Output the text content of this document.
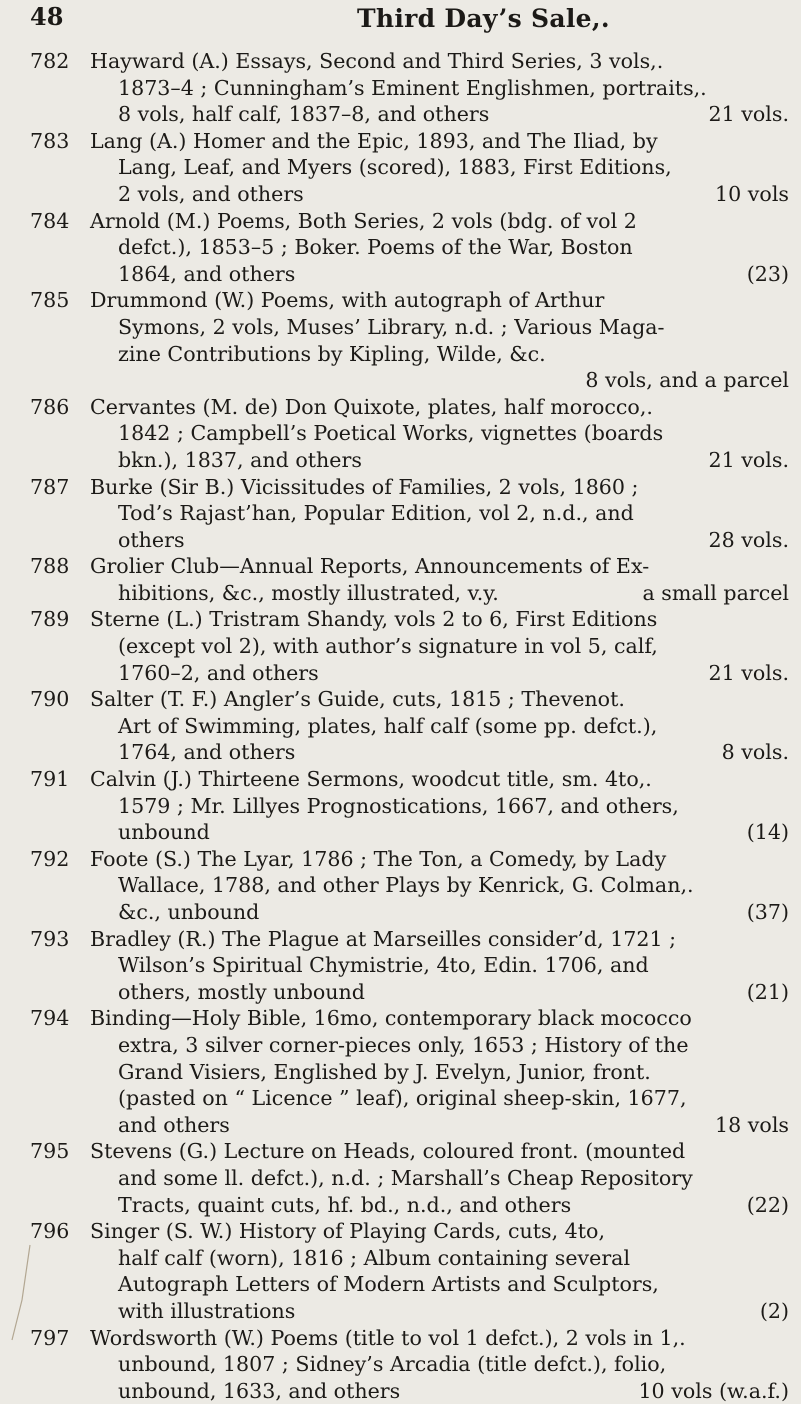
48	Third Day’s Sale,.
782	Hayward (A.) Essays, Second and Third Series, 3 vols,.
1873–4 ; Cunningham’s Eminent Englishmen, portraits,.
8 vols, half calf, 1837–8, and others	21 vols.
783	Lang (A.) Homer and the Epic, 1893, and The Iliad, by
Lang, Leaf, and Myers (scored), 1883, First Editions,
2 vols, and others	10 vols
784	Arnold (M.) Poems, Both Series, 2 vols (bdg. of vol 2
defct.), 1853–5 ; Boker. Poems of the War, Boston
1864, and others	(23)
785	Drummond (W.) Poems, with autograph of Arthur
Symons, 2 vols, Muses’ Library, n.d. ; Various Maga-
zine Contributions by Kipling, Wilde, &c.
8 vols, and a parcel
786	Cervantes (M. de) Don Quixote, plates, half morocco,.
1842 ; Campbell’s Poetical Works, vignettes (boards
bkn.), 1837, and others	21 vols.
787	Burke (Sir B.) Vicissitudes of Families, 2 vols, 1860 ;
Tod’s Rajast’han, Popular Edition, vol 2, n.d., and
others	28 vols.
788	Grolier Club—Annual Reports, Announcements of Ex-
hibitions, &c., mostly illustrated, v.y.	a small parcel
789	Sterne (L.) Tristram Shandy, vols 2 to 6, First Editions
(except vol 2), with author’s signature in vol 5, calf,
1760–2, and others	21 vols.
790	Salter (T. F.) Angler’s Guide, cuts, 1815 ; Thevenot.
Art of Swimming, plates, half calf (some pp. defct.),
1764, and others	8 vols.
791	Calvin (J.) Thirteene Sermons, woodcut title, sm. 4to,.
1579 ; Mr. Lillyes Prognostications, 1667, and others,
unbound	(14)
792	Foote (S.) The Lyar, 1786 ; The Ton, a Comedy, by Lady
Wallace, 1788, and other Plays by Kenrick, G. Colman,.
&c., unbound	(37)
793	Bradley (R.) The Plague at Marseilles consider’d, 1721 ;
Wilson’s Spiritual Chymistrie, 4to, Edin. 1706, and
others, mostly unbound	(21)
794	Binding—Holy Bible, 16mo, contemporary black mococco
extra, 3 silver corner-pieces only, 1653 ; History of the
Grand Visiers, Englished by J. Evelyn, Junior, front.
(pasted on “ Licence ” leaf), original sheep-skin, 1677,
and others	18 vols
795	Stevens (G.) Lecture on Heads, coloured front. (mounted
and some ll. defct.), n.d. ; Marshall’s Cheap Repository
Tracts, quaint cuts, hf. bd., n.d., and others	(22)
796	Singer (S. W.) History of Playing Cards, cuts, 4to,
half calf (worn), 1816 ; Album containing several
Autograph Letters of Modern Artists and Sculptors,
with illustrations	(2)
797	Wordsworth (W.) Poems (title to vol 1 defct.), 2 vols in 1,.
unbound, 1807 ; Sidney’s Arcadia (title defct.), folio,
unbound, 1633, and others	10 vols (w.a.f.)
